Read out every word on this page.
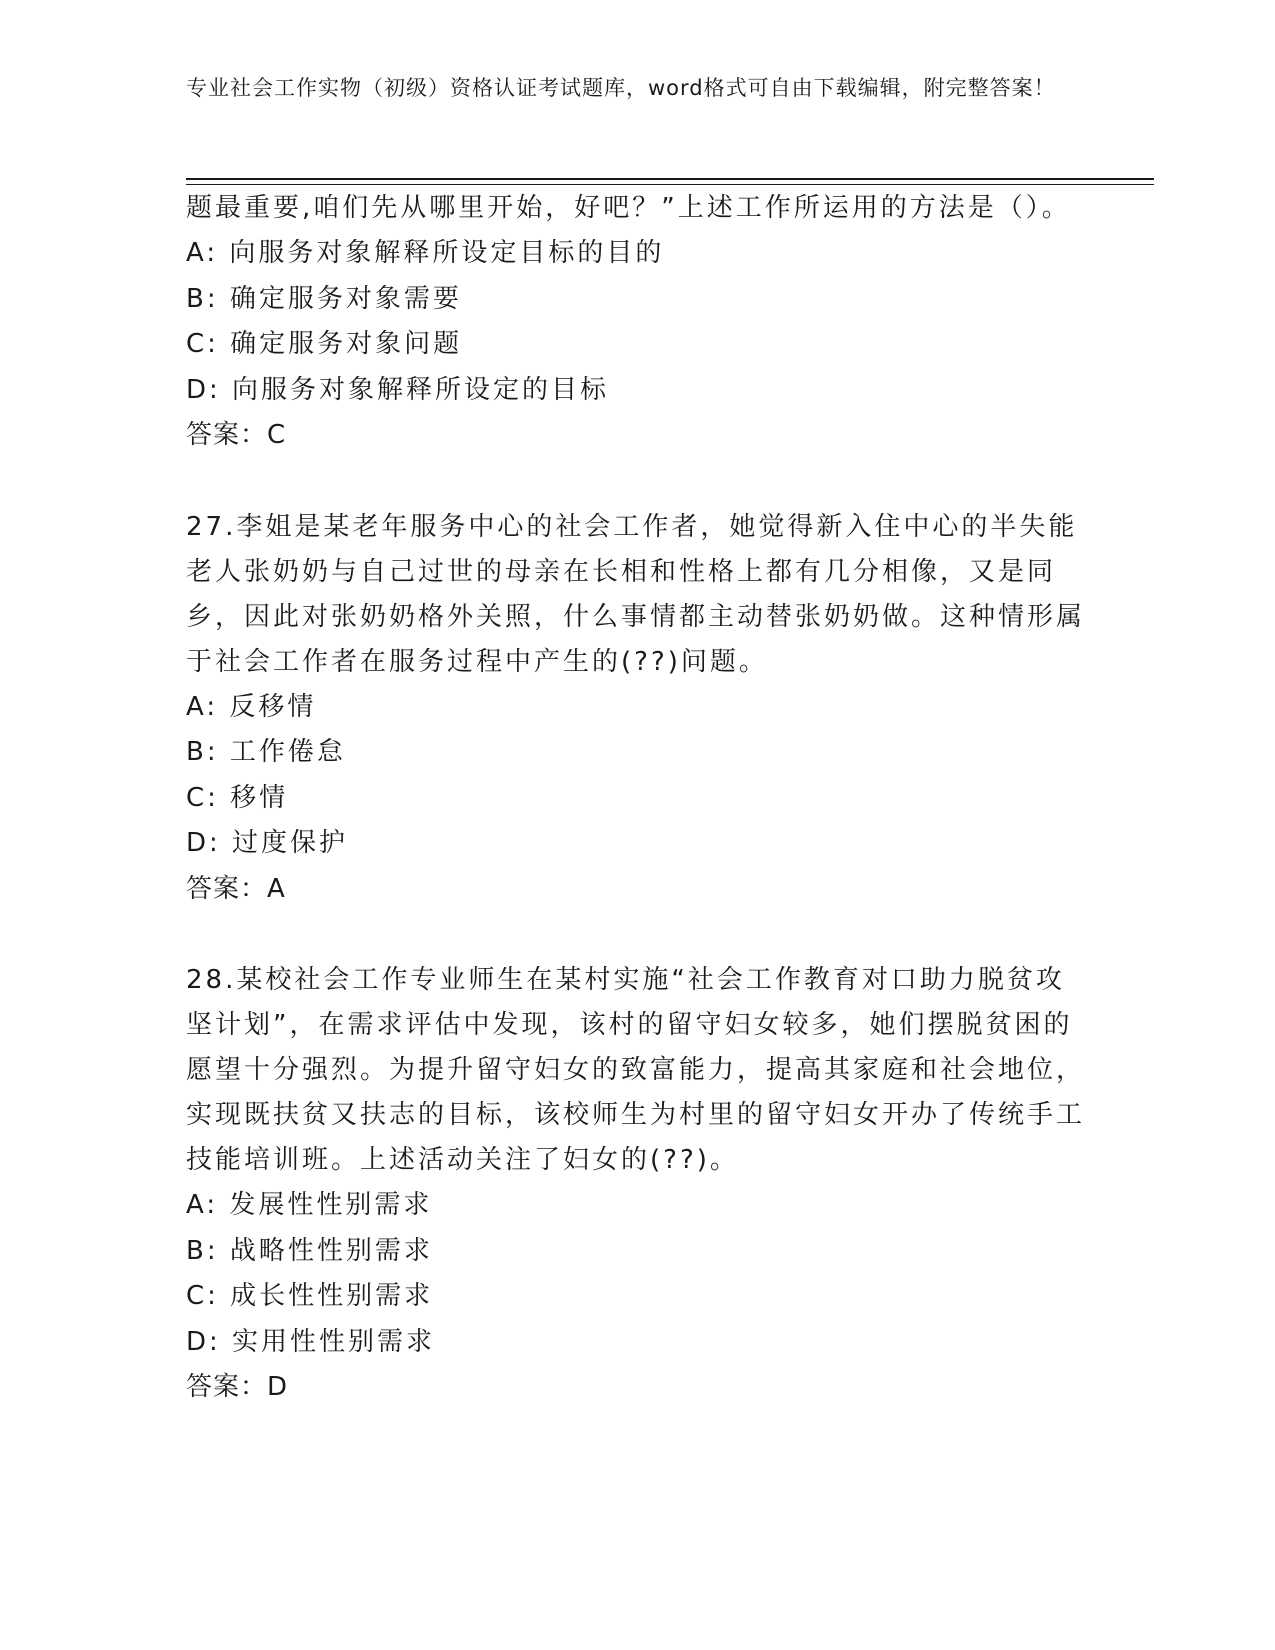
专业社会工作实物（初级）资格认证考试题库，word格式可自由下载编辑，附完整答案！

题最重要,咱们先从哪里开始，好吧？”上述工作所运用的方法是（）。

A: 向服务对象解释所设定目标的目的

B: 确定服务对象需要

C: 确定服务对象问题

D: 向服务对象解释所设定的目标

答案：C

27.李姐是某老年服务中心的社会工作者，她觉得新入住中心的半失能老人张奶奶与自己过世的母亲在长相和性格上都有几分相像，又是同乡，因此对张奶奶格外关照，什么事情都主动替张奶奶做。这种情形属于社会工作者在服务过程中产生的(??)问题。

A: 反移情

B: 工作倦怠

C: 移情

D: 过度保护

答案：A

28.某校社会工作专业师生在某村实施“社会工作教育对口助力脱贫攻坚计划”，在需求评估中发现，该村的留守妇女较多，她们摆脱贫困的愿望十分强烈。为提升留守妇女的致富能力，提高其家庭和社会地位，实现既扶贫又扶志的目标，该校师生为村里的留守妇女开办了传统手工技能培训班。上述活动关注了妇女的(??)。

A: 发展性性别需求

B: 战略性性别需求

C: 成长性性别需求

D: 实用性性别需求

答案：D
